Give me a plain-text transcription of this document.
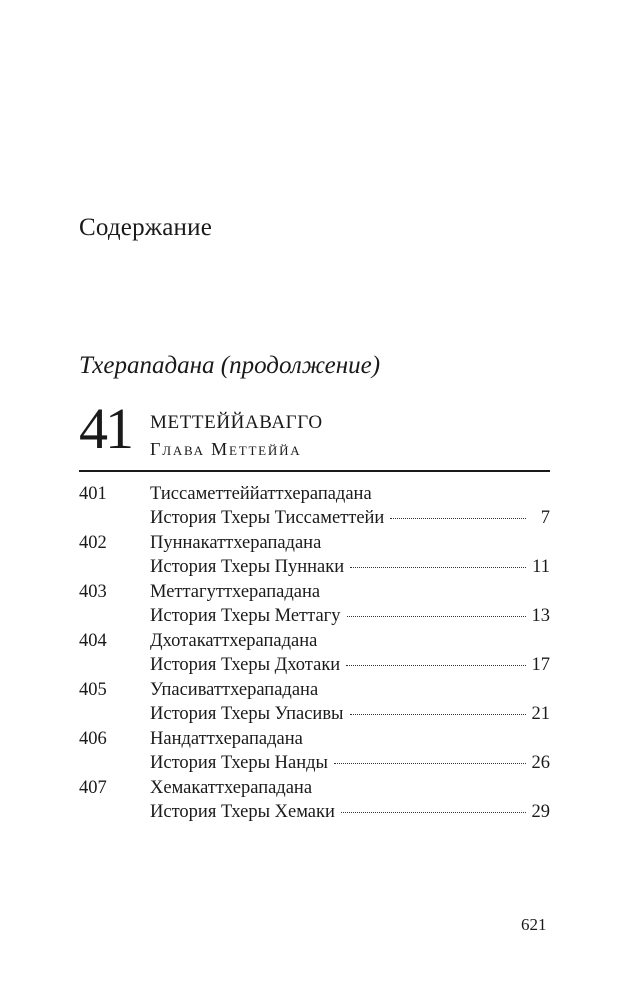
Содержание
Тхерападана (продолжение)
41 МЕТТЕЙЙАВАГГО
Глава Меттеййа
401 Тиссаметтеййаттхерападана
История Тхеры Тиссаметтейи	7
402 Пуннакаттхерападана
История Тхеры Пуннаки	11
403 Меттагуттхерападана
История Тхеры Меттагу	13
404 Дхотакаттхерападана
История Тхеры Дхотаки	17
405 Упасиваттхерападана
История Тхеры Упасивы	21
406 Нандаттхерападана
История Тхеры Нанды	26
407 Хемакаттхерападана
История Тхеры Хемаки	29
621
